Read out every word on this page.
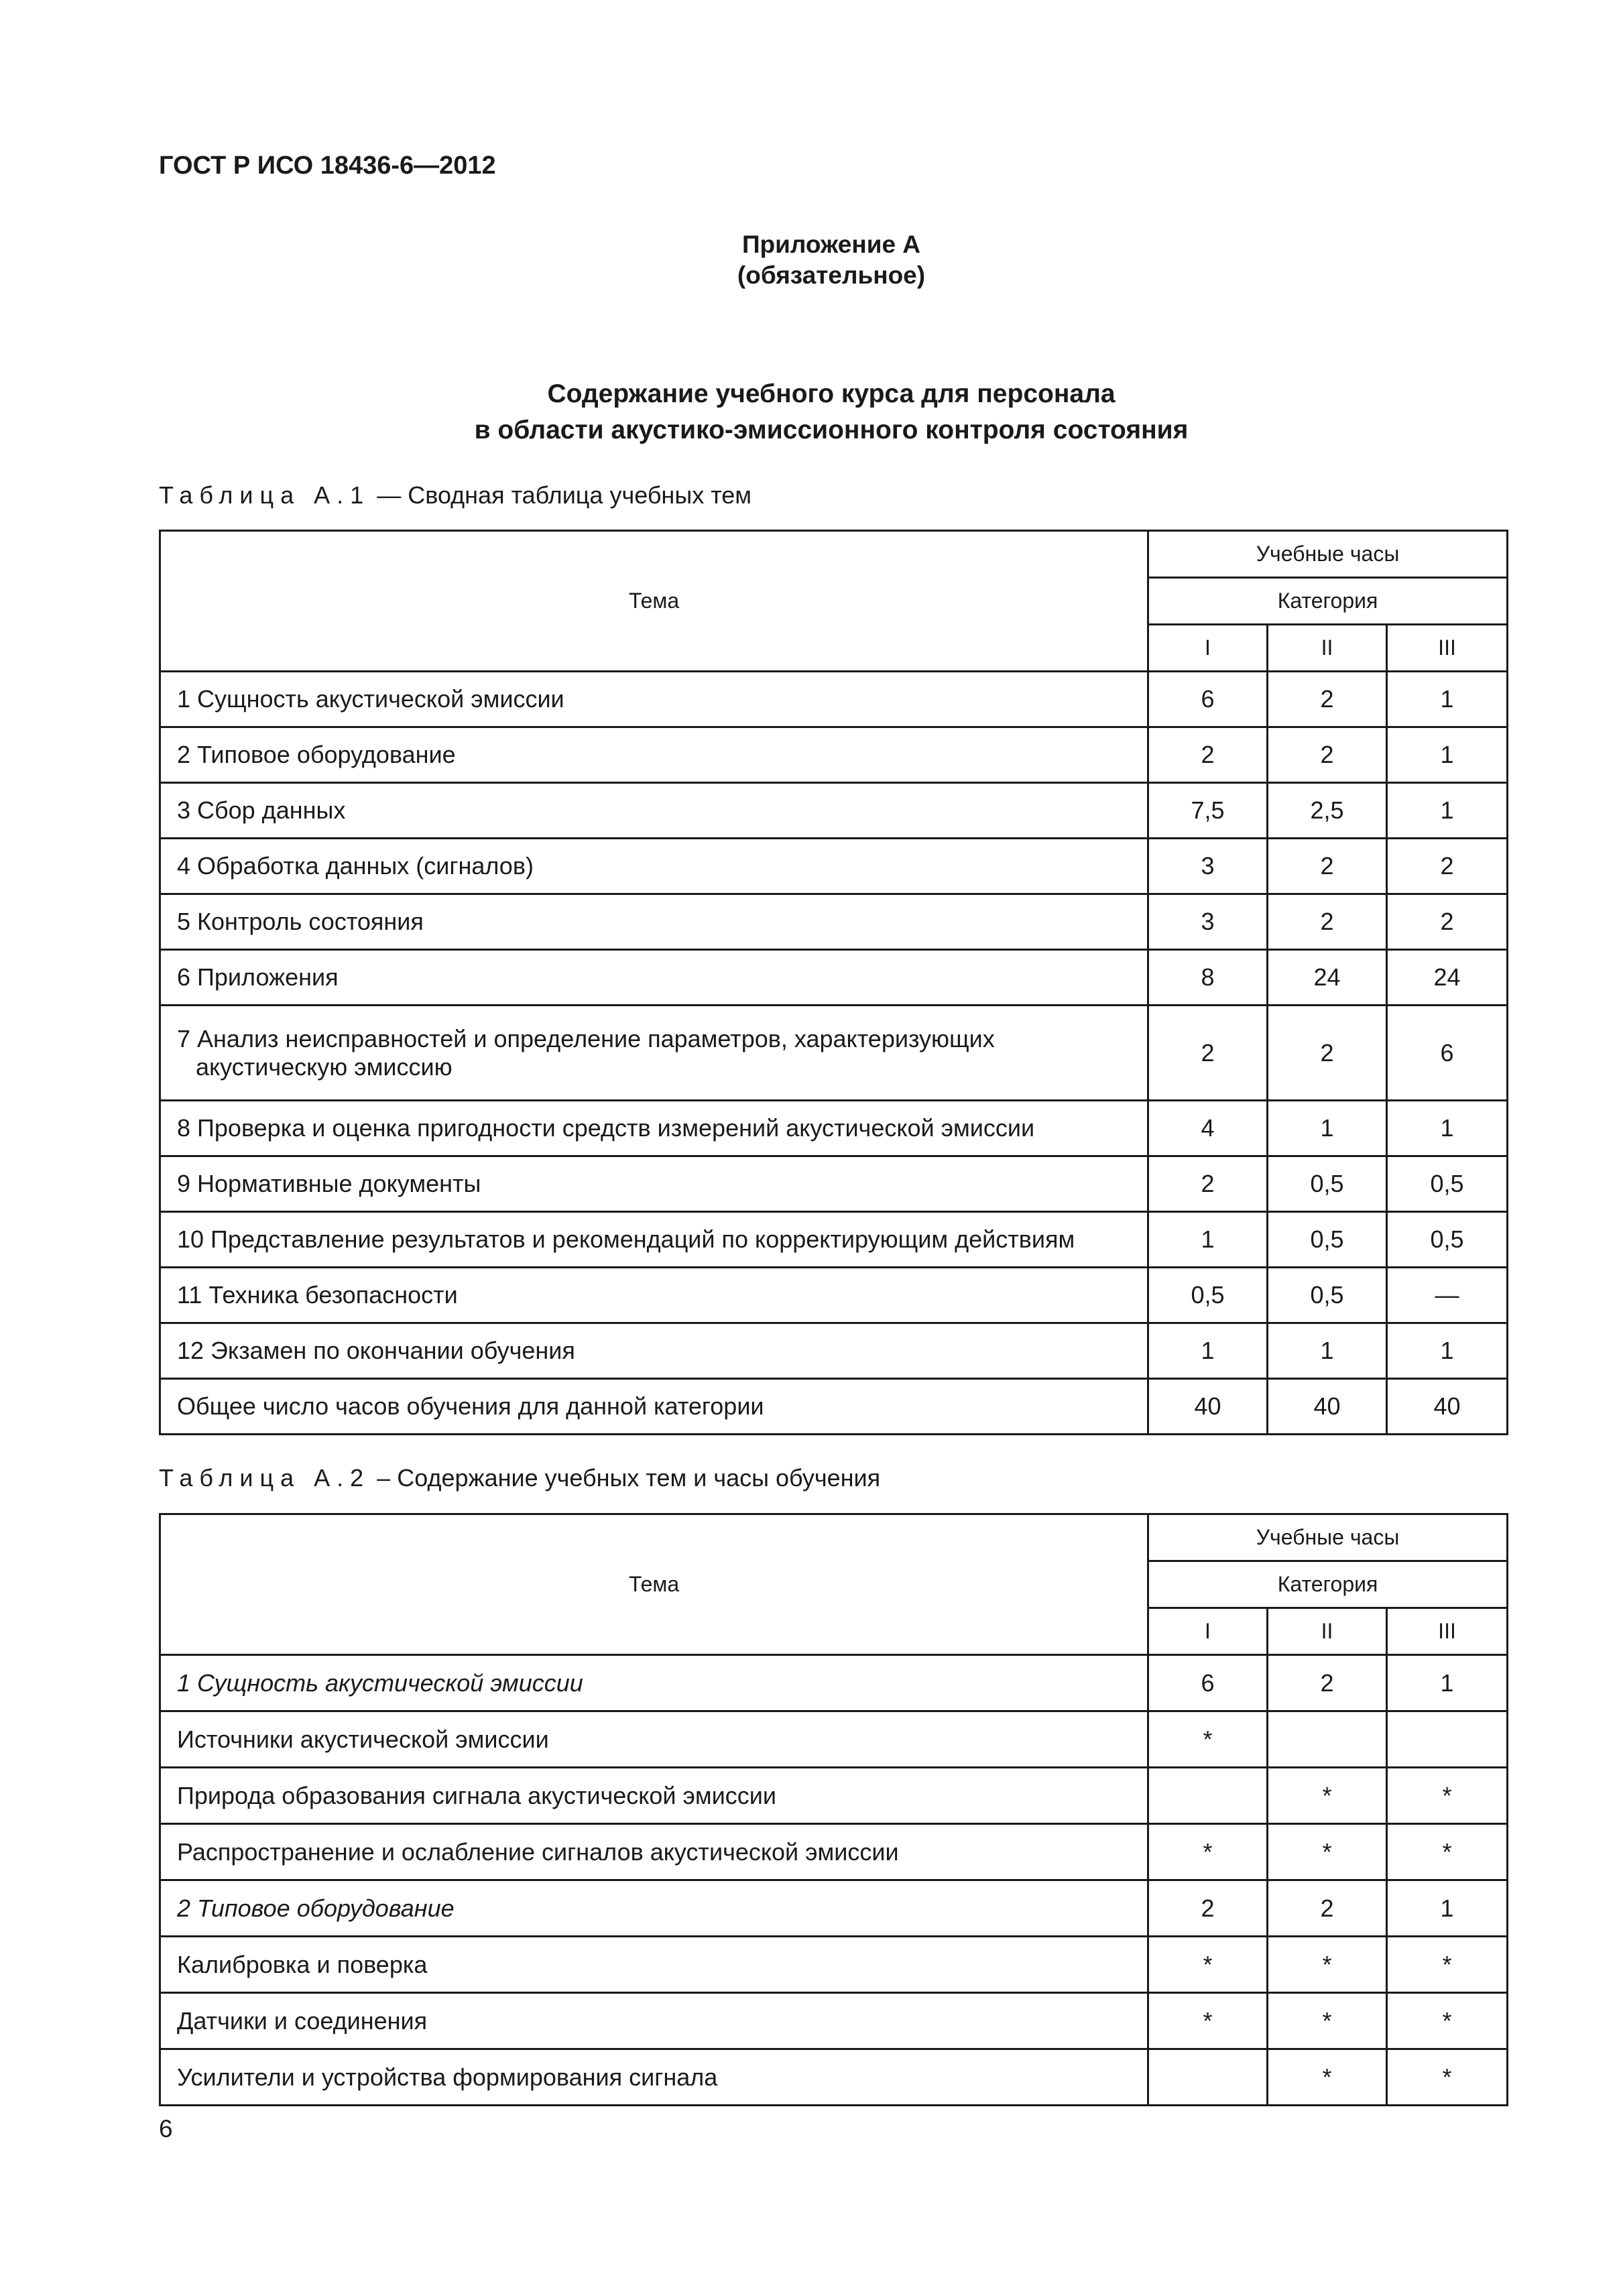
ГОСТ Р ИСО 18436-6—2012
Приложение А
(обязательное)
Содержание учебного курса для персонала
в области акустико-эмиссионного контроля состояния
Таблица А.1 — Сводная таблица учебных тем
Тема	Учебные часы		
	Категория		
	I	II	III
1 Сущность акустической эмиссии	6	2	1
2 Типовое оборудование	2	2	1
3 Сбор данных	7,5	2,5	1
4 Обработка данных (сигналов)	3	2	2
5 Контроль состояния	3	2	2
6 Приложения	8	24	24
7 Анализ неисправностей и определение параметров, характеризующих
акустическую эмиссию	2	2	6
8 Проверка и оценка пригодности средств измерений акустической эмиссии	4	1	1
9 Нормативные документы	2	0,5	0,5
10 Представление результатов и рекомендаций по корректирующим действиям	1	0,5	0,5
11 Техника безопасности	0,5	0,5	—
12 Экзамен по окончании обучения	1	1	1
Общее число часов обучения для данной категории	40	40	40
Таблица А.2 – Содержание учебных тем и часы обучения
Тема	Учебные часы		
	Категория		
	I	II	III
1 Сущность акустической эмиссии	6	2	1
Источники акустической эмиссии	*		
Природа образования сигнала акустической эмиссии		*	*
Распространение и ослабление сигналов акустической эмиссии	*	*	*
2 Типовое оборудование	2	2	1
Калибровка и поверка	*	*	*
Датчики и соединения	*	*	*
Усилители и устройства формирования сигнала		*	*
6
